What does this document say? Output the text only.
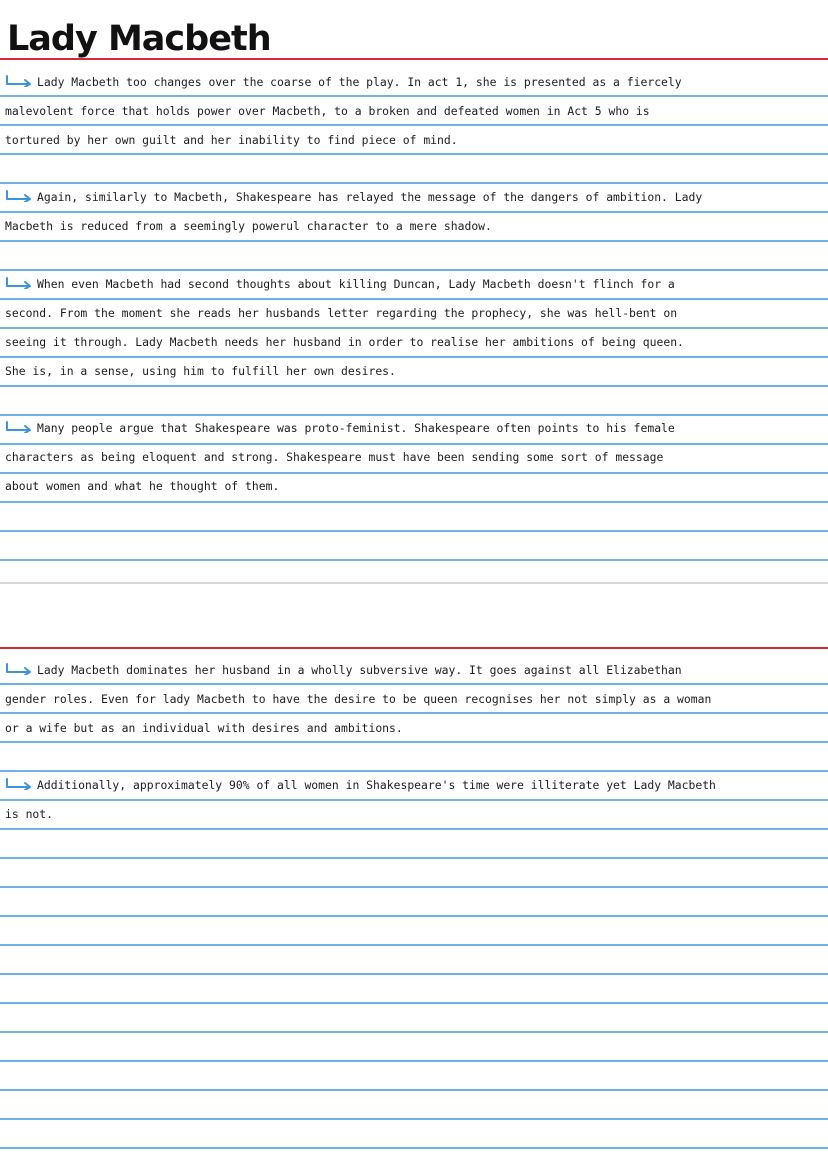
Lady Macbeth
Lady Macbeth too changes over the coarse of the play. In act 1, she is presented as a fiercely
malevolent force that holds power over Macbeth, to a broken and defeated women in Act 5 who is
tortured by her own guilt and her inability to find piece of mind.
Again, similarly to Macbeth, Shakespeare has relayed the message of the dangers of ambition. Lady
Macbeth is reduced from a seemingly powerul character to a mere shadow.
When even Macbeth had second thoughts about killing Duncan, Lady Macbeth doesn't flinch for a
second. From the moment she reads her husbands letter regarding the prophecy, she was hell-bent on
seeing it through. Lady Macbeth needs her husband in order to realise her ambitions of being queen.
She is, in a sense, using him to fulfill her own desires.
Many people argue that Shakespeare was proto-feminist. Shakespeare often points to his female
characters as being eloquent and strong. Shakespeare must have been sending some sort of message
about women and what he thought of them.
Lady Macbeth dominates her husband in a wholly subversive way. It goes against all Elizabethan
gender roles. Even for lady Macbeth to have the desire to be queen recognises her not simply as a woman
or a wife but as an individual with desires and ambitions.
Additionally, approximately 90% of all women in Shakespeare's time were illiterate yet Lady Macbeth
is not.
